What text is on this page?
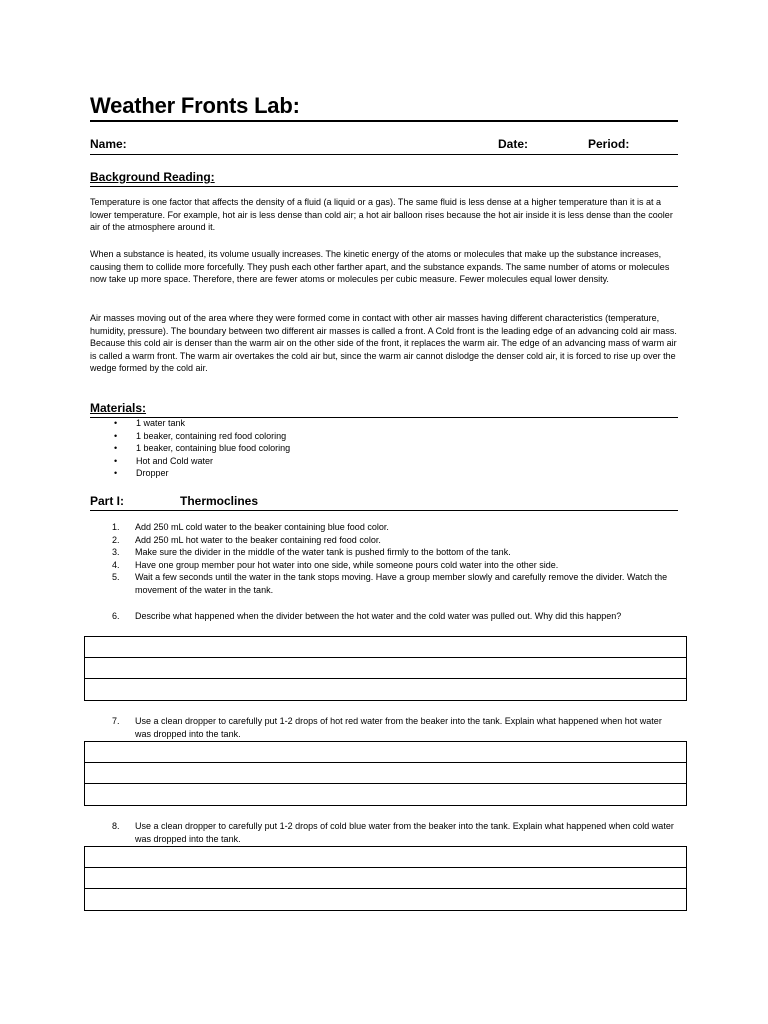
Weather Fronts Lab:
Name:	Date:	Period:
Background Reading:

Temperature is one factor that affects the density of a fluid (a liquid or a gas). The same fluid is less dense at a higher temperature than it is at a lower temperature. For example, hot air is less dense than cold air; a hot air balloon rises because the hot air inside it is less dense than the cooler air of the atmosphere around it.

When a substance is heated, its volume usually increases. The kinetic energy of the atoms or molecules that make up the substance increases, causing them to collide more forcefully. They push each other farther apart, and the substance expands. The same number of atoms or molecules now take up more space. Therefore, there are fewer atoms or molecules per cubic measure. Fewer molecules equal lower density.

Air masses moving out of the area where they were formed come in contact with other air masses having different characteristics (temperature, humidity, pressure). The boundary between two different air masses is called a front. A Cold front is the leading edge of an advancing cold air mass. Because this cold air is denser than the warm air on the other side of the front, it replaces the warm air. The edge of an advancing mass of warm air is called a warm front. The warm air overtakes the cold air but, since the warm air cannot dislodge the denser cold air, it is forced to rise up over the wedge formed by the cold air.

Materials:
• 1 water tank
• 1 beaker, containing red food coloring
• 1 beaker, containing blue food coloring
• Hot and Cold water
• Dropper
Part I:	Thermoclines
1. Add 250 mL cold water to the beaker containing blue food color.
2. Add 250 mL hot water to the beaker containing red food color.
3. Make sure the divider in the middle of the water tank is pushed firmly to the bottom of the tank.
4. Have one group member pour hot water into one side, while someone pours cold water into the other side.
5. Wait a few seconds until the water in the tank stops moving. Have a group member slowly and carefully remove the divider. Watch the movement of the water in the tank.
6. Describe what happened when the divider between the hot water and the cold water was pulled out. Why did this happen?
7. Use a clean dropper to carefully put 1-2 drops of hot red water from the beaker into the tank. Explain what happened when hot water was dropped into the tank.
8. Use a clean dropper to carefully put 1-2 drops of cold blue water from the beaker into the tank. Explain what happened when cold water was dropped into the tank.
